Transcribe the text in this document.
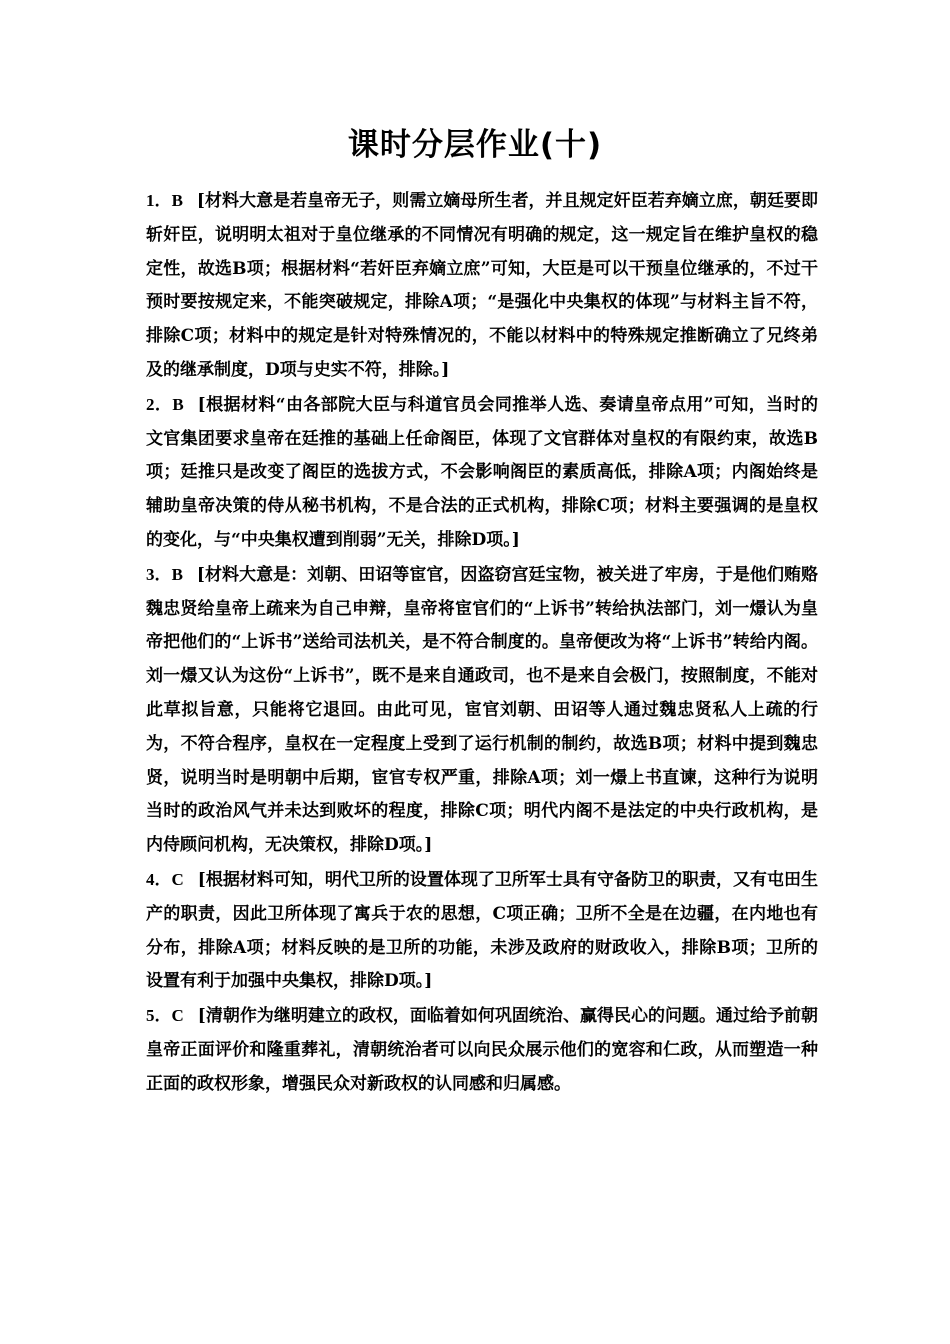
课时分层作业(十)

1．B [材料大意是若皇帝无子，则需立嫡母所生者，并且规定奸臣若弃嫡立庶，朝廷要即斩奸臣，说明明太祖对于皇位继承的不同情况有明确的规定，这一规定旨在维护皇权的稳定性，故选B项；根据材料“若奸臣弃嫡立庶”可知，大臣是可以干预皇位继承的，不过干预时要按规定来，不能突破规定，排除A项；“是强化中央集权的体现”与材料主旨不符，排除C项；材料中的规定是针对特殊情况的，不能以材料中的特殊规定推断确立了兄终弟及的继承制度，D项与史实不符，排除。]

2．B [根据材料“由各部院大臣与科道官员会同推举人选、奏请皇帝点用”可知，当时的文官集团要求皇帝在廷推的基础上任命阁臣，体现了文官群体对皇权的有限约束，故选B项；廷推只是改变了阁臣的选拔方式，不会影响阁臣的素质高低，排除A项；内阁始终是辅助皇帝决策的侍从秘书机构，不是合法的正式机构，排除C项；材料主要强调的是皇权的变化，与“中央集权遭到削弱”无关，排除D项。]

3．B [材料大意是：刘朝、田诏等宦官，因盗窃宫廷宝物，被关进了牢房，于是他们贿赂魏忠贤给皇帝上疏来为自己申辩，皇帝将宦官们的“上诉书”转给执法部门，刘一燝认为皇帝把他们的“上诉书”送给司法机关，是不符合制度的。皇帝便改为将“上诉书”转给内阁。刘一燝又认为这份“上诉书”，既不是来自通政司，也不是来自会极门，按照制度，不能对此草拟旨意，只能将它退回。由此可见，宦官刘朝、田诏等人通过魏忠贤私人上疏的行为，不符合程序，皇权在一定程度上受到了运行机制的制约，故选B项；材料中提到魏忠贤，说明当时是明朝中后期，宦官专权严重，排除A项；刘一燝上书直谏，这种行为说明当时的政治风气并未达到败坏的程度，排除C项；明代内阁不是法定的中央行政机构，是内侍顾问机构，无决策权，排除D项。]

4．C [根据材料可知，明代卫所的设置体现了卫所军士具有守备防卫的职责，又有屯田生产的职责，因此卫所体现了寓兵于农的思想，C项正确；卫所不全是在边疆，在内地也有分布，排除A项；材料反映的是卫所的功能，未涉及政府的财政收入，排除B项；卫所的设置有利于加强中央集权，排除D项。]

5．C [清朝作为继明建立的政权，面临着如何巩固统治、赢得民心的问题。通过给予前朝皇帝正面评价和隆重葬礼，清朝统治者可以向民众展示他们的宽容和仁政，从而塑造一种正面的政权形象，增强民众对新政权的认同感和归属感。
